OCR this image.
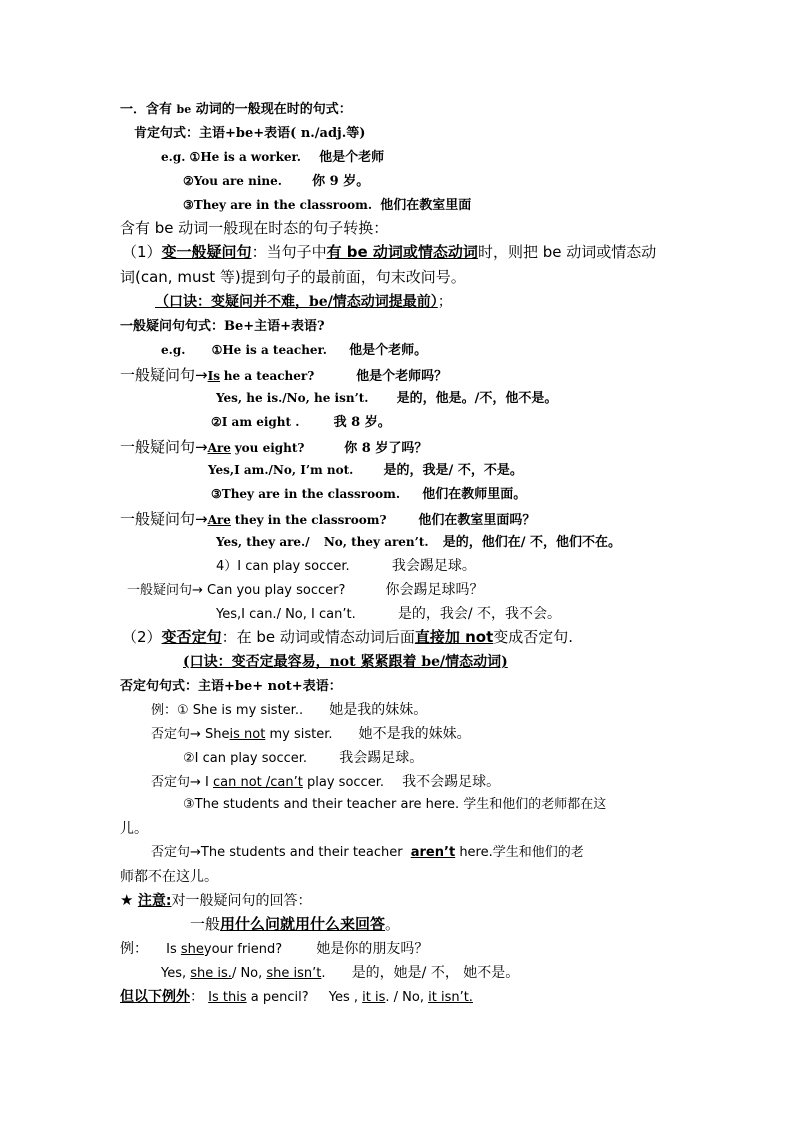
一．含有 be 动词的一般现在时的句式：
肯定句式：主语+be+表语( n./adj.等)
e.g. ①He is a worker. 他是个老师
②You are nine. 你 9 岁。
③They are in the classroom. 他们在教室里面
含有 be 动词一般现在时态的句子转换：
（1）变一般疑问句：当句子中有 be 动词或情态动词时，则把 be 动词或情态动
词(can, must 等)提到句子的最前面，句末改问号。
（口诀：变疑问并不难，be/情态动词提最前）；
一般疑问句句式：Be+主语+表语?
e.g. ①He is a teacher. 他是个老师。
一般疑问句→Is he a teacher?	他是个老师吗？
Yes, he is./No, he isn’t. 是的，他是。/不，他不是。
②I am eight .	我 8 岁。
一般疑问句→Are you eight?	你 8 岁了吗？
Yes,I am./No, I’m not. 是的，我是/ 不，不是。
③They are in the classroom. 他们在教师里面。
一般疑问句→Are they in the classroom? 他们在教室里面吗？
Yes, they are./ No, they aren’t. 是的，他们在/ 不，他们不在。
4）I can play soccer.	我会踢足球。
一般疑问句→ Can you play soccer?	你会踢足球吗？
Yes,I can./ No, I can’t.	是的，我会/ 不，我不会。
（2）变否定句：在 be 动词或情态动词后面直接加 not变成否定句.
(口诀：变否定最容易，not 紧紧跟着 be/情态动词)
否定句句式：主语+be+ not+表语：
例：① She is my sister.. 她是我的妹妹。
否定句→ Sheis not my sister. 她不是我的妹妹。
②I can play soccer. 我会踢足球。
否定句→ I can not /can’t play soccer. 我不会踢足球。
③The students and their teacher are here. 学生和他们的老师都在这
儿。
否定句→The students and their teacher aren’t here.学生和他们的老
师都不在这儿。
★ 注意:对一般疑问句的回答：
一般用什么问就用什么来回答。
例： Is sheyour friend? 她是你的朋友吗？
Yes, she is./ No, she isn’t. 是的，她是/ 不， 她不是。
但以下例外： Is this a pencil? Yes , it is. / No, it isn’t.
